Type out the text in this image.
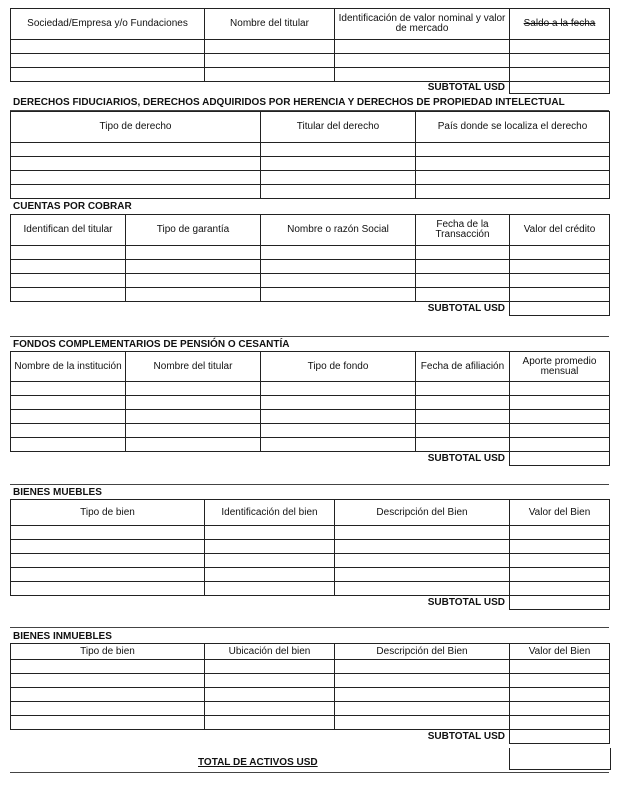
Sociedad/Empresa y/o Fundaciones	Nombre del titular	Identificación de valor nominal y valor de mercado	Saldo a la fecha

SUBTOTAL USD			
DERECHOS FIDUCIARIOS, DERECHOS ADQUIRIDOS POR HERENCIA Y DERECHOS DE PROPIEDAD INTELECTUAL
Tipo de derecho	Titular del derecho	País donde se localiza el derecho

CUENTAS POR COBRAR
Identifican del titular	Tipo de garantía	Nombre o razón Social	Fecha de la Transacción	Valor del crédito

SUBTOTAL USD				
FONDOS COMPLEMENTARIOS DE PENSIÓN O CESANTÍA
Nombre de la institución	Nombre del titular	Tipo de fondo	Fecha de afiliación	Aporte promedio mensual

SUBTOTAL USD				
BIENES MUEBLES
Tipo de bien	Identificación del bien	Descripción del Bien	Valor del Bien

SUBTOTAL USD			
BIENES INMUEBLES
Tipo de bien	Ubicación del bien	Descripción del Bien	Valor del Bien

SUBTOTAL USD			
TOTAL DE ACTIVOS USD
